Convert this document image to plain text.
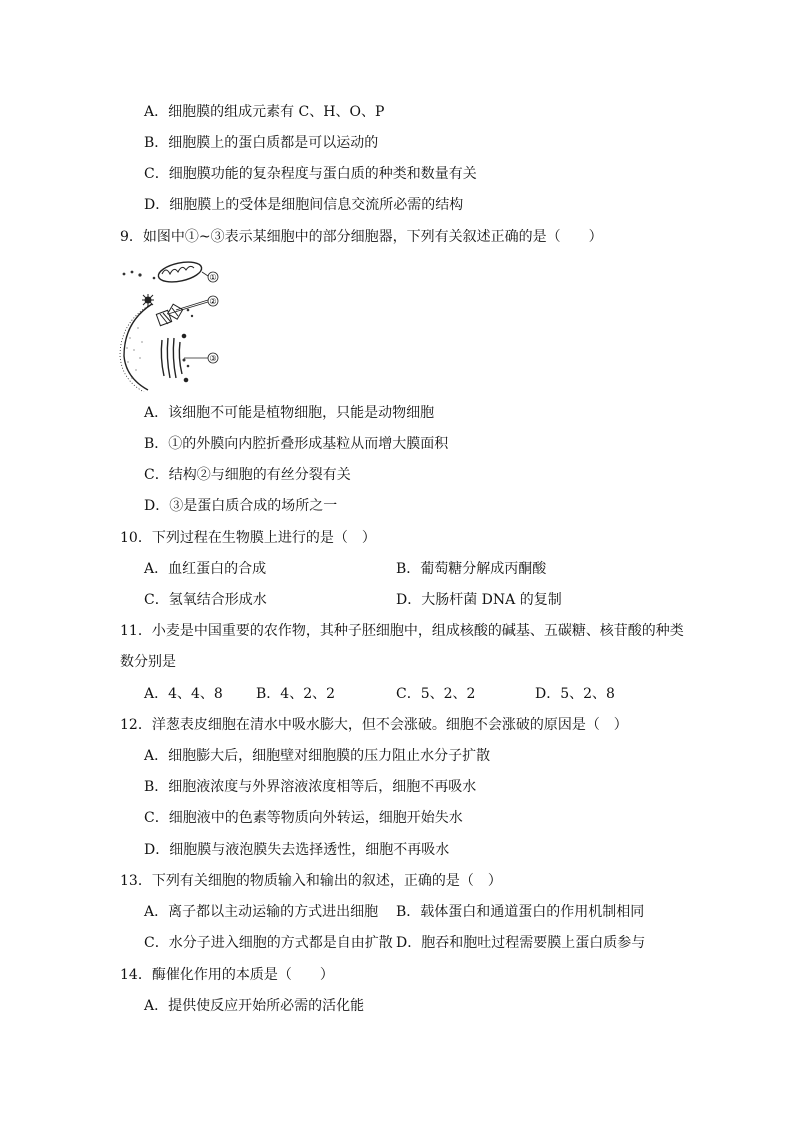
A．细胞膜的组成元素有 C、H、O、P
B．细胞膜上的蛋白质都是可以运动的
C．细胞膜功能的复杂程度与蛋白质的种类和数量有关
D．细胞膜上的受体是细胞间信息交流所必需的结构
9．如图中①~③表示某细胞中的部分细胞器，下列有关叙述正确的是（　　）
①
②
③
A．该细胞不可能是植物细胞，只能是动物细胞
B．①的外膜向内腔折叠形成基粒从而增大膜面积
C．结构②与细胞的有丝分裂有关
D．③是蛋白质合成的场所之一
10．下列过程在生物膜上进行的是（　）
A．血红蛋白的合成	B．葡萄糖分解成丙酮酸
C．氢氧结合形成水	D．大肠杆菌 DNA 的复制
11．小麦是中国重要的农作物，其种子胚细胞中，组成核酸的碱基、五碳糖、核苷酸的种类
数分别是
A．4、4、8 B．4、2、2	C．5、2、2	D．5、2、8
12．洋葱表皮细胞在清水中吸水膨大，但不会涨破。细胞不会涨破的原因是（　）
A．细胞膨大后，细胞壁对细胞膜的压力阻止水分子扩散
B．细胞液浓度与外界溶液浓度相等后，细胞不再吸水
C．细胞液中的色素等物质向外转运，细胞开始失水
D．细胞膜与液泡膜失去选择透性，细胞不再吸水
13．下列有关细胞的物质输入和输出的叙述，正确的是（　）
A．离子都以主动运输的方式进出细胞 B．载体蛋白和通道蛋白的作用机制相同
C．水分子进入细胞的方式都是自由扩散 D．胞吞和胞吐过程需要膜上蛋白质参与
14．酶催化作用的本质是（　　）
A．提供使反应开始所必需的活化能
